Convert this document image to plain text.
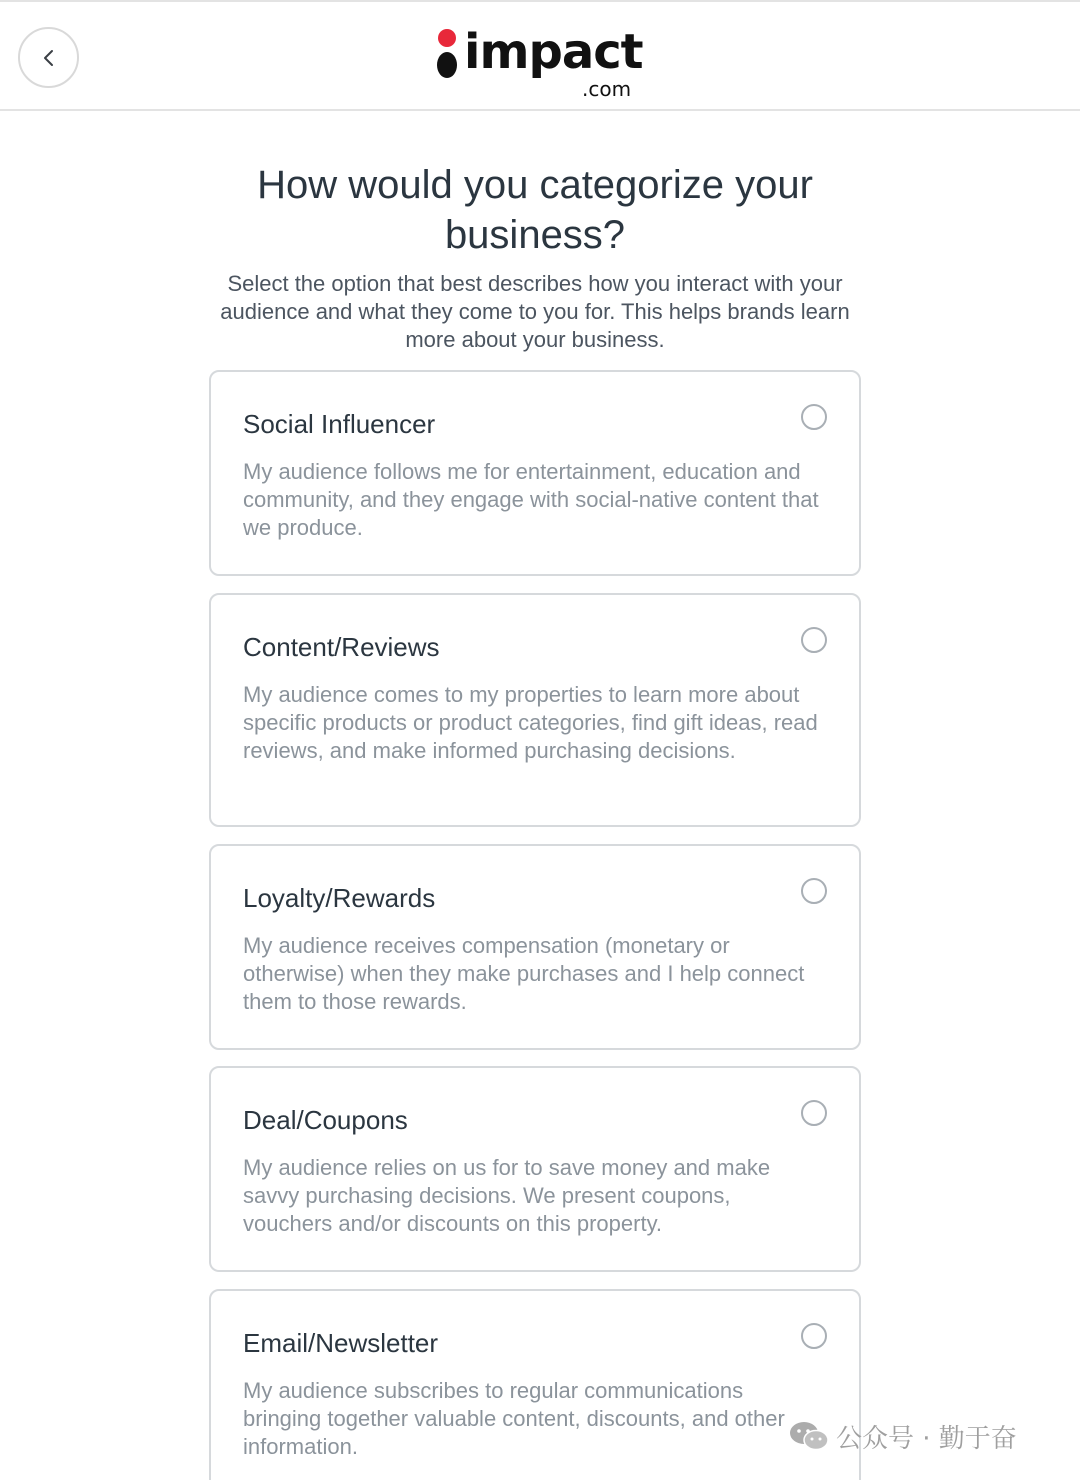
impact
.com
How would you categorize your business?

Select the option that best describes how you interact with your audience and what they come to you for. This helps brands learn more about your business.

Social Influencer
My audience follows me for entertainment, education and community, and they engage with social-native content that we produce.
Content/Reviews
My audience comes to my properties to learn more about specific products or product categories, find gift ideas, read reviews, and make informed purchasing decisions.
Loyalty/Rewards
My audience receives compensation (monetary or otherwise) when they make purchases and I help connect them to those rewards.
Deal/Coupons
My audience relies on us for to save money and make savvy purchasing decisions. We present coupons, vouchers and/or discounts on this property.
Email/Newsletter
My audience subscribes to regular communications bringing together valuable content, discounts, and other information.	公众号 · 勤于奋
